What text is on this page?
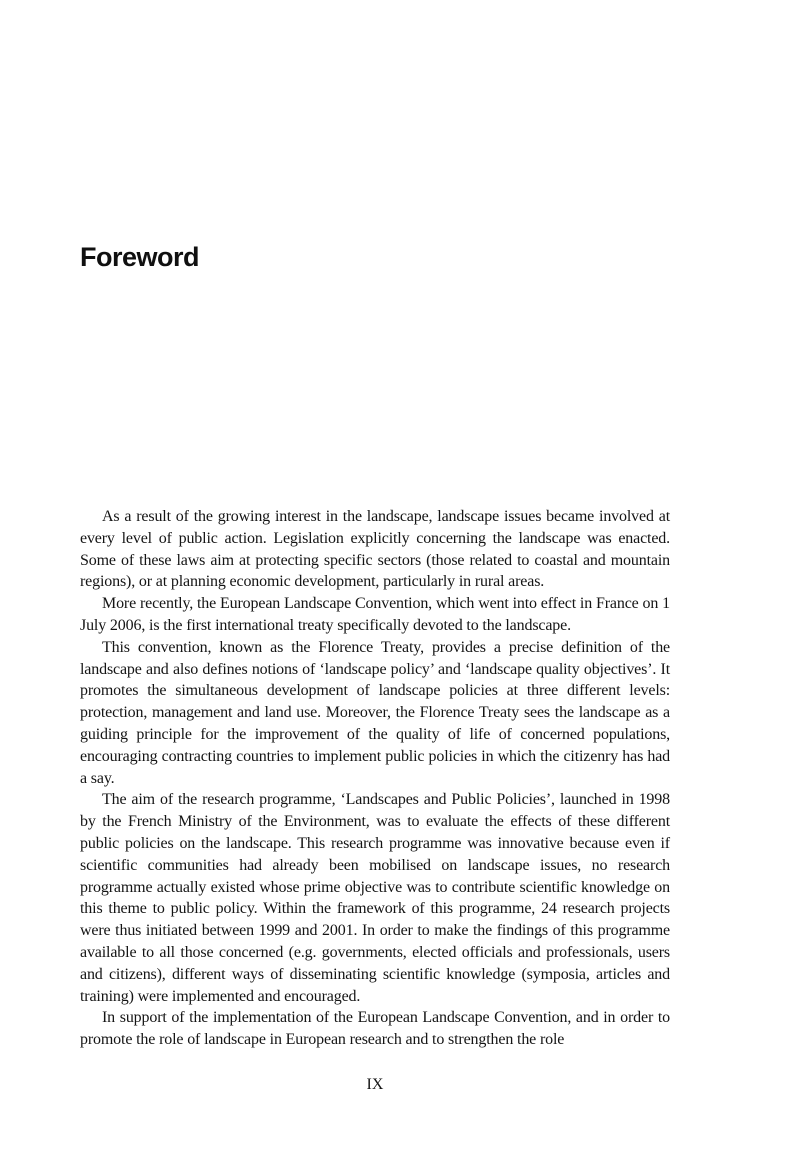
Foreword

As a result of the growing interest in the landscape, landscape issues became involved at every level of public action. Legislation explicitly concerning the landscape was enacted. Some of these laws aim at protecting specific sectors (those related to coastal and mountain regions), or at planning economic development, particularly in rural areas.

More recently, the European Landscape Convention, which went into effect in France on 1 July 2006, is the first international treaty specifically devoted to the landscape.

This convention, known as the Florence Treaty, provides a precise definition of the landscape and also defines notions of ‘landscape policy’ and ‘landscape quality objectives’. It promotes the simultaneous development of landscape policies at three different levels: protection, management and land use. Moreover, the Florence Treaty sees the landscape as a guiding principle for the improvement of the quality of life of concerned populations, encouraging contracting countries to implement public policies in which the citizenry has had a say.

The aim of the research programme, ‘Landscapes and Public Policies’, launched in 1998 by the French Ministry of the Environment, was to evaluate the effects of these different public policies on the landscape. This research programme was innovative because even if scientific communities had already been mobilised on landscape issues, no research programme actually existed whose prime objective was to contribute scientific knowledge on this theme to public policy. Within the framework of this programme, 24 research projects were thus initiated between 1999 and 2001. In order to make the findings of this programme available to all those concerned (e.g. governments, elected officials and professionals, users and citizens), different ways of disseminating scientific knowledge (symposia, articles and training) were implemented and encouraged.

In support of the implementation of the European Landscape Convention, and in order to promote the role of landscape in European research and to strengthen the role

IX
